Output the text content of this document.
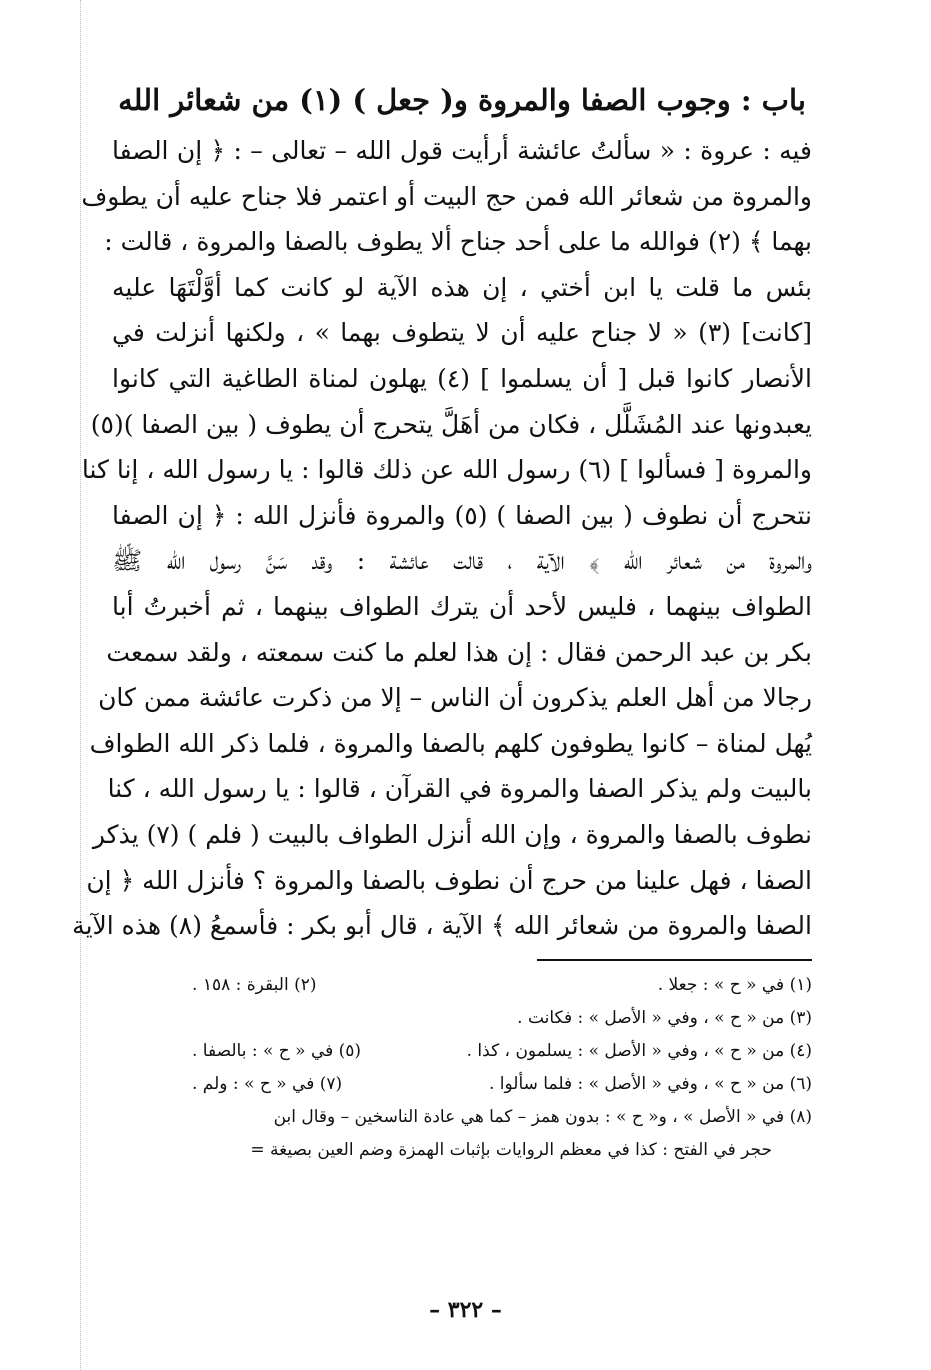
باب : وجوب الصفا والمروة و( جعل ) (١) من شعائر الله
فيه : عروة : « سألتُ عائشة أرأيت قول الله – تعالى – : ﴿ إن الصفا
والمروة من شعائر الله فمن حج البيت أو اعتمر فلا جناح عليه أن يطوف
بهما ﴾ (٢) فوالله ما على أحد جناح ألا يطوف بالصفا والمروة ، قالت :
بئس ما قلت يا ابن أختي ، إن هذه الآية لو كانت كما أوَّلْتَهَا عليه
[كانت] (٣) « لا جناح عليه أن لا يتطوف بهما » ، ولكنها أنزلت في
الأنصار كانوا قبل [ أن يسلموا ] (٤) يهلون لمناة الطاغية التي كانوا
يعبدونها عند المُشَلَّل ، فكان من أهَلَّ يتحرج أن يطوف ( بين الصفا )(٥)
والمروة [ فسألوا ] (٦) رسول الله عن ذلك قالوا : يا رسول الله ، إنا كنا
نتحرج أن نطوف ( بين الصفا ) (٥) والمروة فأنزل الله : ﴿ إن الصفا
والمروة من شعائر الله ﴾ الآية ، قالت عائشة : وقد سَنَّ رسول الله ﷺ
الطواف بينهما ، فليس لأحد أن يترك الطواف بينهما ، ثم أخبرتُ أبا
بكر بن عبد الرحمن فقال : إن هذا لعلم ما كنت سمعته ، ولقد سمعت
رجالا من أهل العلم يذكرون أن الناس – إلا من ذكرت عائشة ممن كان
يُهل لمناة – كانوا يطوفون كلهم بالصفا والمروة ، فلما ذكر الله الطواف
بالبيت ولم يذكر الصفا والمروة في القرآن ، قالوا : يا رسول الله ، كنا
نطوف بالصفا والمروة ، وإن الله أنزل الطواف بالبيت ( فلم ) (٧) يذكر
الصفا ، فهل علينا من حرج أن نطوف بالصفا والمروة ؟ فأنزل الله ﴿ إن
الصفا والمروة من شعائر الله ﴾ الآية ، قال أبو بكر : فأسمعُ (٨) هذه الآية
(١) في « ح » : جعلا .
(٢) البقرة : ١٥٨ .
(٣) من « ح » ، وفي « الأصل » : فكانت .
(٤) من « ح » ، وفي « الأصل » : يسلمون ، كذا .
(٥) في « ح » : بالصفا .
(٦) من « ح » ، وفي « الأصل » : فلما سألوا .
(٧) في « ح » : ولم .
(٨) في « الأصل » ، و« ح » : بدون همز – كما هي عادة الناسخين – وقال ابن
حجر في الفتح : كذا في معظم الروايات بإثبات الهمزة وضم العين بصيغة =
– ٣٢٢ –
